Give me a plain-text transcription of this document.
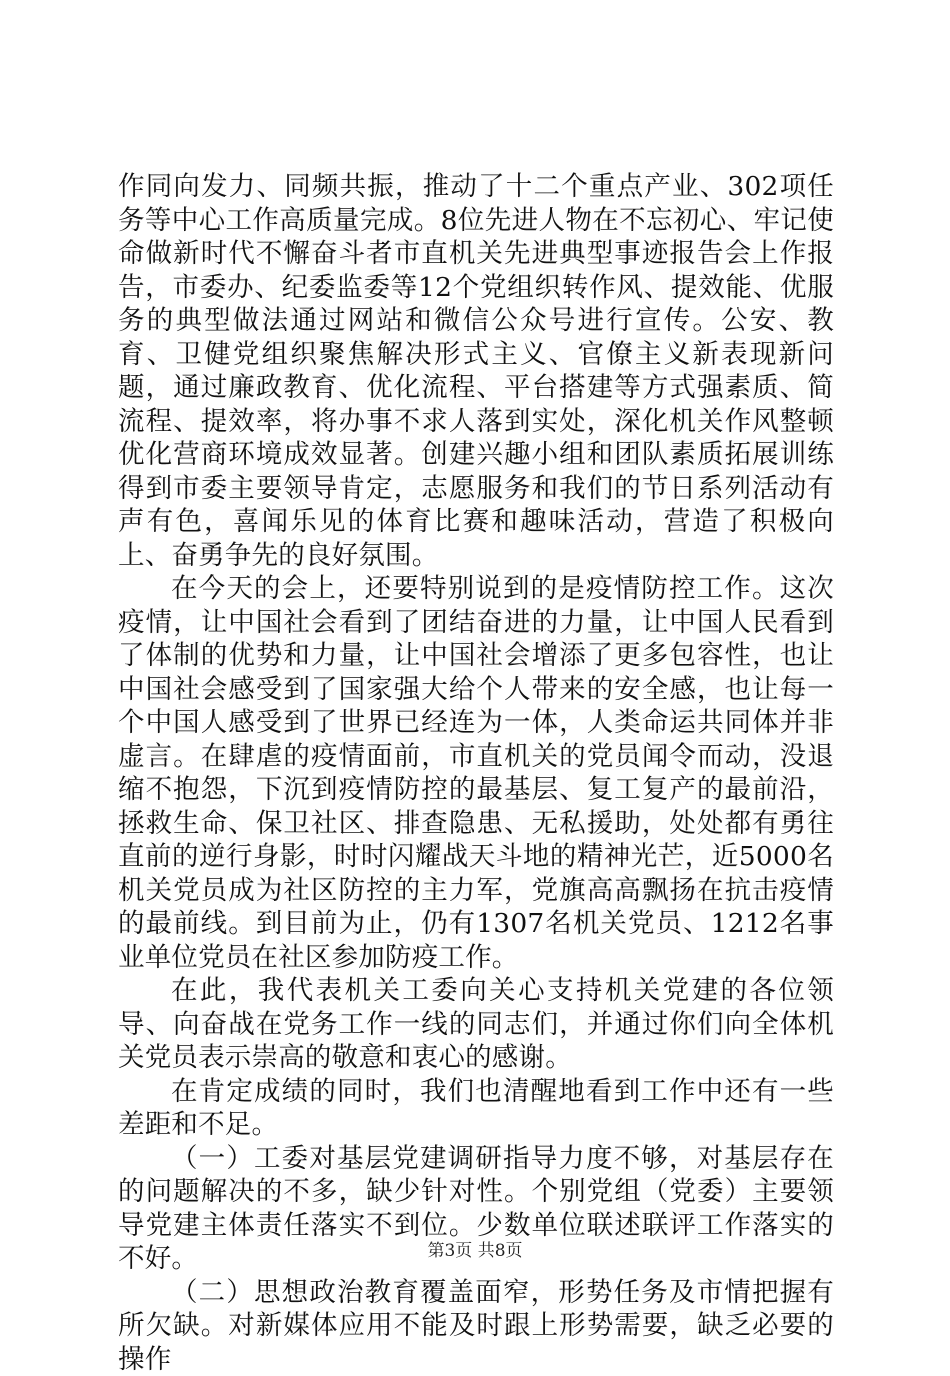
作同向发力、同频共振，推动了十二个重点产业、302项任务等中心工作高质量完成。8位先进人物在不忘初心、牢记使命做新时代不懈奋斗者市直机关先进典型事迹报告会上作报告，市委办、纪委监委等12个党组织转作风、提效能、优服务的典型做法通过网站和微信公众号进行宣传。公安、教育、卫健党组织聚焦解决形式主义、官僚主义新表现新问题，通过廉政教育、优化流程、平台搭建等方式强素质、简流程、提效率，将办事不求人落到实处，深化机关作风整顿优化营商环境成效显著。创建兴趣小组和团队素质拓展训练得到市委主要领导肯定，志愿服务和我们的节日系列活动有声有色，喜闻乐见的体育比赛和趣味活动，营造了积极向上、奋勇争先的良好氛围。

在今天的会上，还要特别说到的是疫情防控工作。这次疫情，让中国社会看到了团结奋进的力量，让中国人民看到了体制的优势和力量，让中国社会增添了更多包容性，也让中国社会感受到了国家强大给个人带来的安全感，也让每一个中国人感受到了世界已经连为一体，人类命运共同体并非虚言。在肆虐的疫情面前，市直机关的党员闻令而动，没退缩不抱怨，下沉到疫情防控的最基层、复工复产的最前沿，拯救生命、保卫社区、排查隐患、无私援助，处处都有勇往直前的逆行身影，时时闪耀战天斗地的精神光芒，近5000名机关党员成为社区防控的主力军，党旗高高飘扬在抗击疫情的最前线。到目前为止，仍有1307名机关党员、1212名事业单位党员在社区参加防疫工作。

在此，我代表机关工委向关心支持机关党建的各位领导、向奋战在党务工作一线的同志们，并通过你们向全体机关党员表示崇高的敬意和衷心的感谢。

在肯定成绩的同时，我们也清醒地看到工作中还有一些差距和不足。

（一）工委对基层党建调研指导力度不够，对基层存在的问题解决的不多，缺少针对性。个别党组（党委）主要领导党建主体责任落实不到位。少数单位联述联评工作落实的不好。

（二）思想政治教育覆盖面窄，形势任务及市情把握有所欠缺。对新媒体应用不能及时跟上形势需要，缺乏必要的操作

第3页 共8页
